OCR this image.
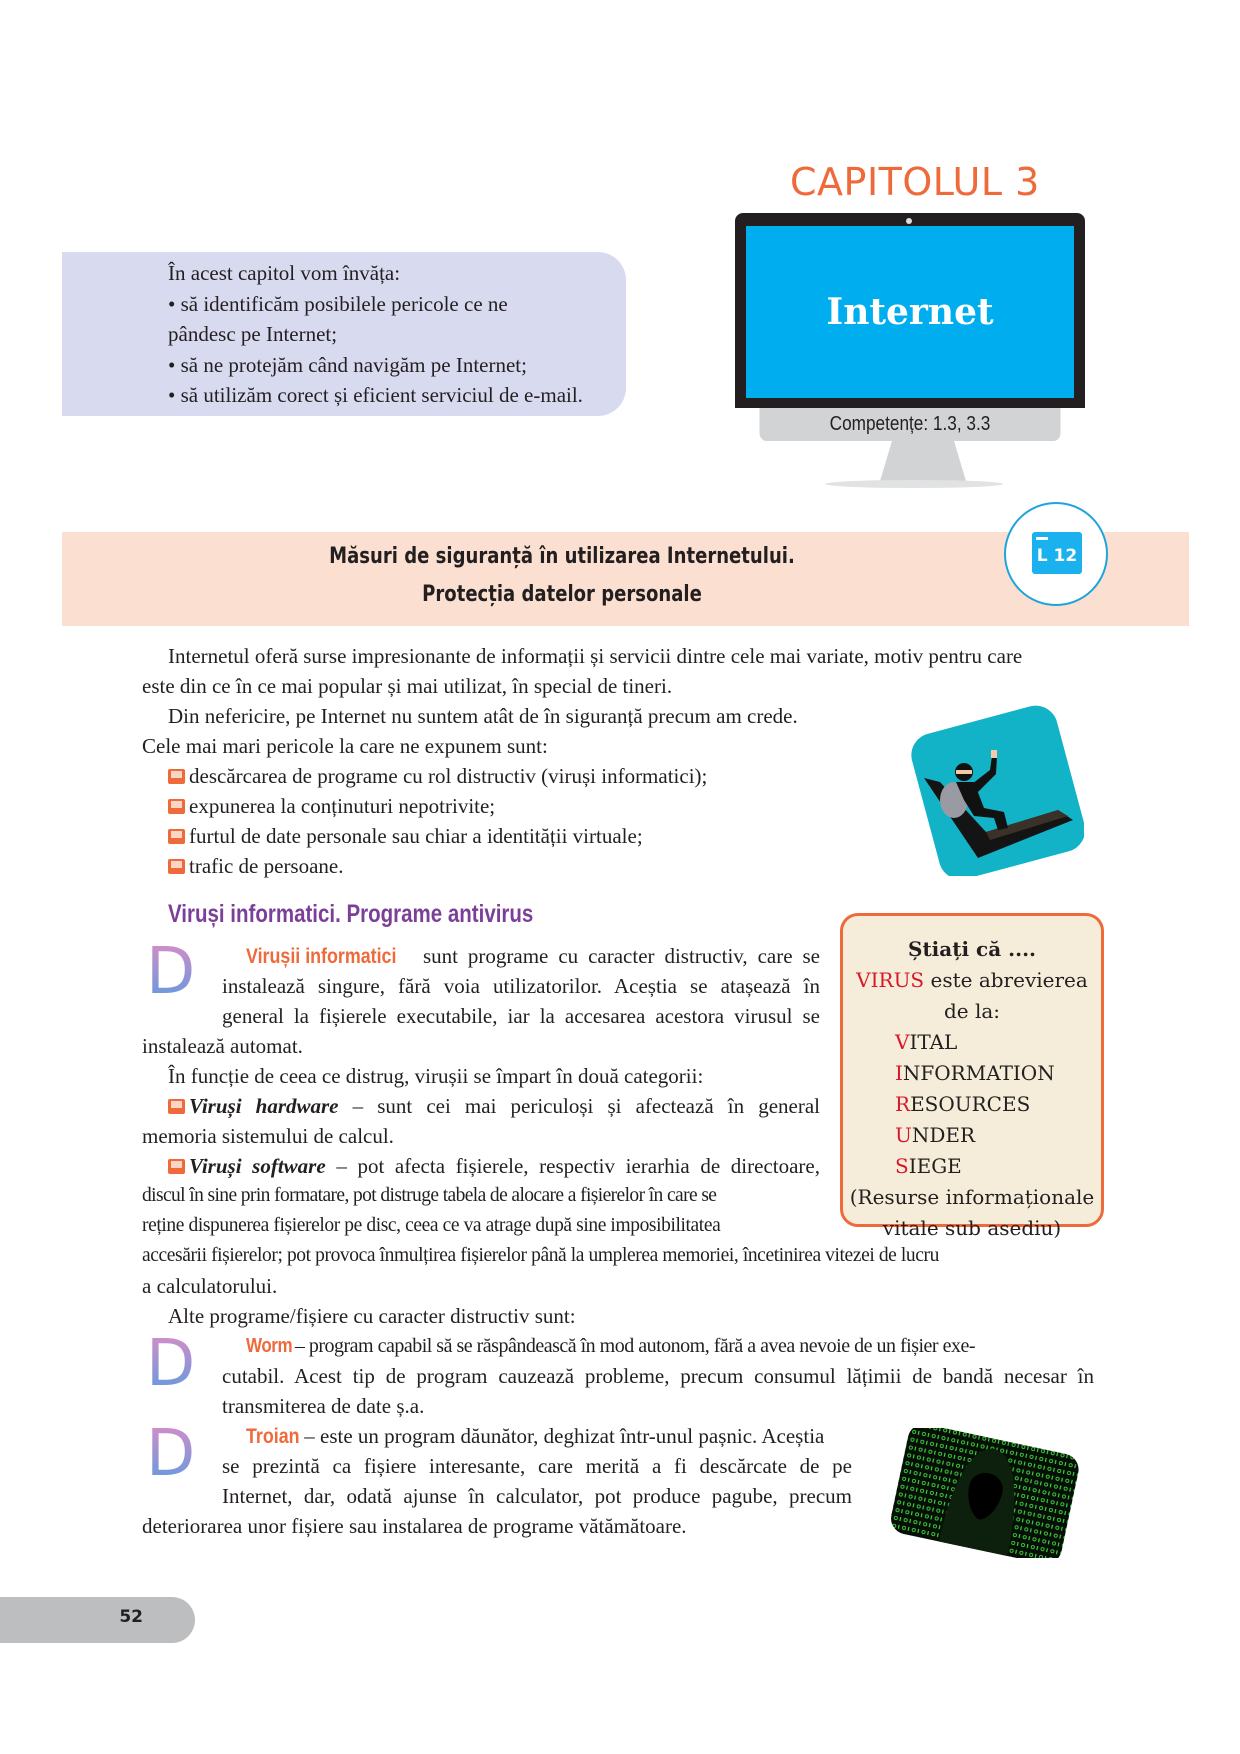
În acest capitol vom învăța:
• să identificăm posibilele pericole ce ne
pândesc pe Internet;
• să ne protejăm când navigăm pe Internet;
• să utilizăm corect și eficient serviciul de e-mail.
CAPITOLUL 3
Internet
Competențe: 1.3, 3.3
Măsuri de siguranță în utilizarea Internetului.
Protecția datelor personale
L 12
Internetul oferă surse impresionante de informații și servicii dintre cele mai variate, motiv pentru care
este din ce în ce mai popular și mai utilizat, în special de tineri.
Din nefericire, pe Internet nu suntem atât de în siguranță precum am crede.
Cele mai mari pericole la care ne expunem sunt:
descărcarea de programe cu rol distructiv (viruși informatici);
expunerea la conținuturi nepotrivite;
furtul de date personale sau chiar a identității virtuale;
trafic de persoane.
Viruși informatici. Programe antivirus
D	Virușii informatici sunt programe cu caracter distructiv, care se
instalează singure, fără voia utilizatorilor. Aceștia se atașează în
general la fișierele executabile, iar la accesarea acestora virusul se
instalează automat.
În funcție de ceea ce distrug, virușii se împart în două categorii:
Viruși hardware – sunt cei mai periculoși și afectează în general
memoria sistemului de calcul.
Viruși software – pot afecta fișierele, respectiv ierarhia de directoare,
discul în sine prin formatare, pot distruge tabela de alocare a fișierelor în care se
reține dispunerea fișierelor pe disc, ceea ce va atrage după sine imposibilitatea
accesării fișierelor; pot provoca înmulțirea fișierelor până la umplerea memoriei, încetinirea vitezei de lucru
a calculatorului.
Alte programe/fișiere cu caracter distructiv sunt:
D	Worm – program capabil să se răspândească în mod autonom, fără a avea nevoie de un fișier exe-
cutabil. Acest tip de program cauzează probleme, precum consumul lățimii de bandă necesar în
transmiterea de date ș.a.
D Troian – este un program dăunător, deghizat într-unul pașnic. Aceștia
se prezintă ca fișiere interesante, care merită a fi descărcate de pe
Internet, dar, odată ajunse în calculator, pot produce pagube, precum
deteriorarea unor fișiere sau instalarea de programe vătămătoare.
Știați că ....
VIRUS este abrevierea de la:
VITAL
INFORMATION
RESOURCES
UNDER
SIEGE
(Resurse informaționale
vitale sub asediu)
52
